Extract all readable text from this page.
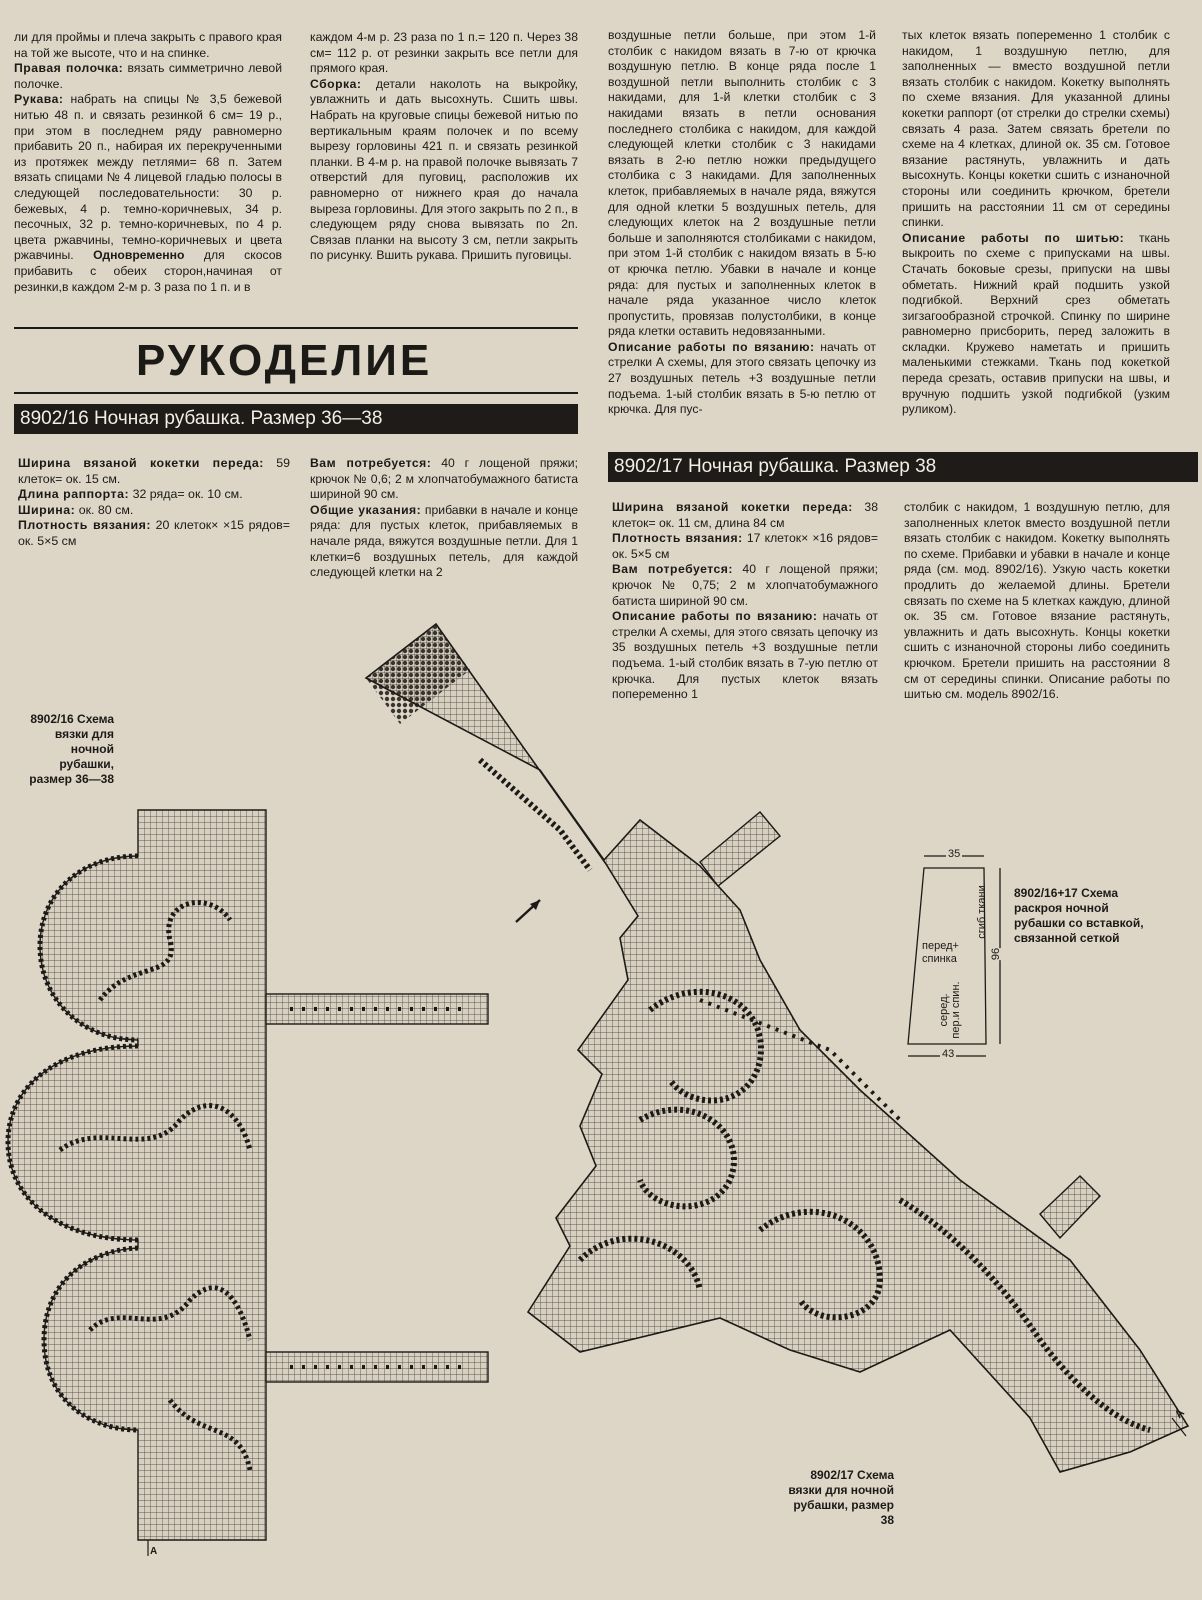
ли для проймы и плеча закрыть с правого края на той же высоте, что и на спинке.

Правая полочка: вязать симметрично левой полочке.

Рукава: набрать на спицы № 3,5 бежевой нитью 48 п. и связать резинкой 6 см= 19 р., при этом в последнем ряду равномерно прибавить 20 п., набирая их перекрученными из протяжек между петлями= 68 п. Затем вязать спицами № 4 лицевой гладью полосы в следующей последовательности: 30 р. бежевых, 4 р. темно-коричневых, 34 р. песочных, 32 р. темно-коричневых, по 4 р. цвета ржавчины, темно-коричневых и цвета ржавчины. Одновременно для скосов прибавить с обеих сторон,начиная от резинки,в каждом 2-м р. 3 раза по 1 п. и в

каждом 4-м р. 23 раза по 1 п.= 120 п. Через 38 см= 112 р. от резинки закрыть все петли для прямого края.

Сборка: детали наколоть на выкройку, увлажнить и дать высохнуть. Сшить швы. Набрать на круговые спицы бежевой нитью по вертикальным краям полочек и по всему вырезу горловины 421 п. и связать резинкой планки. В 4-м р. на правой полочке вывязать 7 отверстий для пуговиц, расположив их равномерно от нижнего края до начала выреза горловины. Для этого закрыть по 2 п., в следующем ряду снова вывязать по 2п. Связав планки на высоту 3 см, петли закрыть по рисунку. Вшить рукава. Пришить пуговицы.

воздушные петли больше, при этом 1-й столбик с накидом вязать в 7-ю от крючка воздушную петлю. В конце ряда после 1 воздушной петли выполнить столбик с 3 накидами, для 1-й клетки столбик с 3 накидами вязать в петли основания последнего столбика с накидом, для каждой следующей клетки столбик с 3 накидами вязать в 2-ю петлю ножки предыдущего столбика с 3 накидами. Для заполненных клеток, прибавляемых в начале ряда, вяжутся для одной клетки 5 воздушных петель, для следующих клеток на 2 воздушные петли больше и заполняются столбиками с накидом, при этом 1-й столбик с накидом вязать в 5-ю от крючка петлю. Убавки в начале и конце ряда: для пустых и заполненных клеток в начале ряда указанное число клеток пропустить, провязав полустолбики, в конце ряда клетки оставить недовязанными.

Описание работы по вязанию: начать от стрелки А схемы, для этого связать цепочку из 27 воздушных петель +3 воздушные петли подъема. 1-ый столбик вязать в 5-ю петлю от крючка. Для пус-

тых клеток вязать попеременно 1 столбик с накидом, 1 воздушную петлю, для заполненных — вместо воздушной петли вязать столбик с накидом. Кокетку выполнять по схеме вязания. Для указанной длины кокетки раппорт (от стрелки до стрелки схемы) связать 4 раза. Затем связать бретели по схеме на 4 клетках, длиной ок. 35 см. Готовое вязание растянуть, увлажнить и дать высохнуть. Концы кокетки сшить с изнаночной стороны или соединить крючком, бретели пришить на расстоянии 11 см от середины спинки.

Описание работы по шитью: ткань выкроить по схеме с припусками на швы. Стачать боковые срезы, припуски на швы обметать. Нижний край подшить узкой подгибкой. Верхний срез обметать зигзагообразной строчкой. Спинку по ширине равномерно присборить, перед заложить в складки. Кружево наметать и пришить маленькими стежками. Ткань под кокеткой переда срезать, оставив припуски на швы, и вручную подшить узкой подгибкой (узким руликом).

РУКОДЕЛИЕ
8902/16 Ночная рубашка. Размер 36—38
8902/17 Ночная рубашка. Размер 38

Ширина вязаной кокетки переда: 59 клеток= ок. 15 см.

Длина раппорта: 32 ряда= ок. 10 см.

Ширина: ок. 80 см.

Плотность вязания: 20 клеток× ×15 рядов= ок. 5×5 см

Вам потребуется: 40 г лощеной пряжи; крючок № 0,6; 2 м хлопчатобумажного батиста шириной 90 см.

Общие указания: прибавки в начале и конце ряда: для пустых клеток, прибавляемых в начале ряда, вяжутся воздушные петли. Для 1 клетки=6 воздушных петель, для каждой следующей клетки на 2

Ширина вязаной кокетки переда: 38 клеток= ок. 11 см, длина 84 см

Плотность вязания: 17 клеток× ×16 рядов= ок. 5×5 см

Вам потребуется: 40 г лощеной пряжи; крючок № 0,75; 2 м хлопчатобумажного батиста шириной 90 см.

Описание работы по вязанию: начать от стрелки А схемы, для этого связать цепочку из 35 воздушных петель +3 воздушные петли подъема. 1-ый столбик вязать в 7-ую петлю от крючка. Для пустых клеток вязать попеременно 1

столбик с накидом, 1 воздушную петлю, для заполненных клеток вместо воздушной петли вязать столбик с накидом. Кокетку выполнять по схеме. Прибавки и убавки в начале и конце ряда (см. мод. 8902/16). Узкую часть кокетки продлить до желаемой длины. Бретели связать по схеме на 5 клетках каждую, длиной ок. 35 см. Готовое вязание растянуть, увлажнить и дать высохнуть. Концы кокетки сшить с изнаночной стороны либо соединить крючком. Бретели пришить на расстоянии 8 см от середины спинки. Описание работы по шитью см. модель 8902/16.

8902/16 Схема вязки для ночной рубашки, размер 36—38
8902/17 Схема вязки для ночной рубашки, размер 38
8902/16+17 Схема раскроя ночной рубашки со вставкой, связанной сеткой
A
A
35
43
96
сгиб ткани
перед+
спинка
серед.
пер.и спин.
